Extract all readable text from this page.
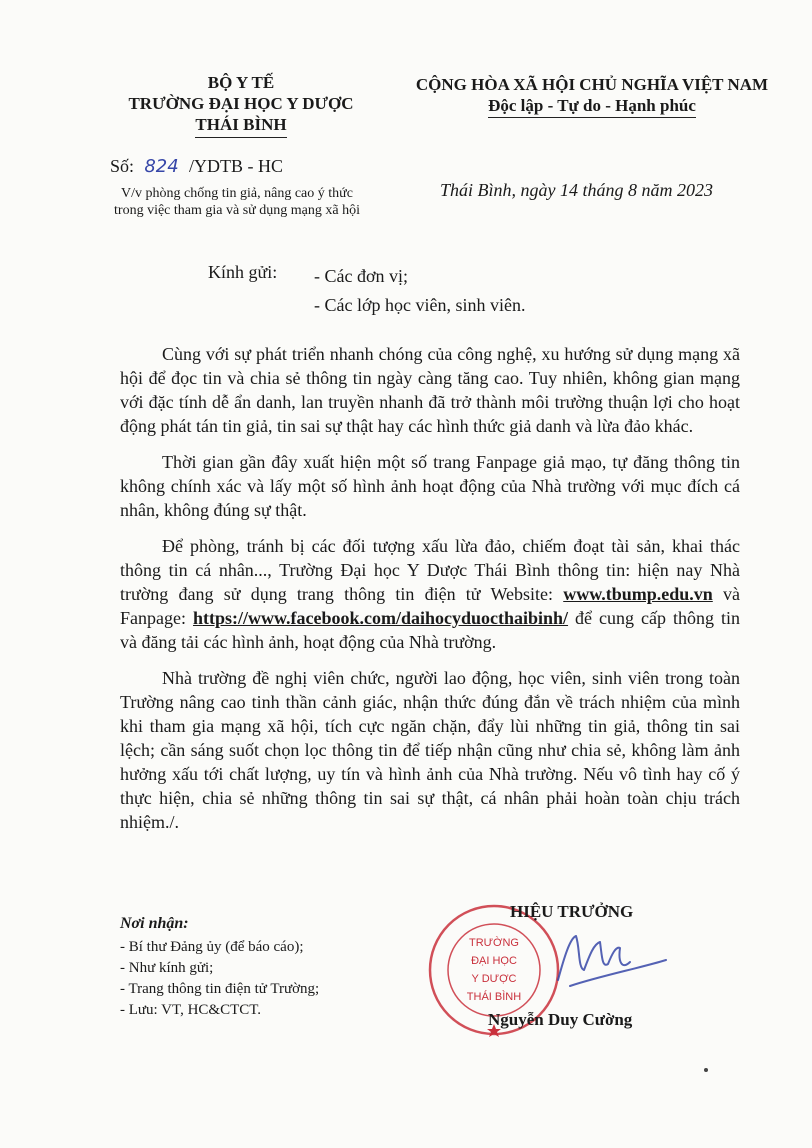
BỘ Y TẾ
TRƯỜNG ĐẠI HỌC Y DƯỢC
THÁI BÌNH
CỘNG HÒA XÃ HỘI CHỦ NGHĨA VIỆT NAM
Độc lập - Tự do - Hạnh phúc
Số: 824 /YDTB - HC
V/v phòng chống tin giả, nâng cao ý thức
trong việc tham gia và sử dụng mạng xã hội
Thái Bình, ngày 14 tháng 8 năm 2023
Kính gửi: - Các đơn vị;
- Các lớp học viên, sinh viên.

Cùng với sự phát triển nhanh chóng của công nghệ, xu hướng sử dụng mạng xã hội để đọc tin và chia sẻ thông tin ngày càng tăng cao. Tuy nhiên, không gian mạng với đặc tính dễ ẩn danh, lan truyền nhanh đã trở thành môi trường thuận lợi cho hoạt động phát tán tin giả, tin sai sự thật hay các hình thức giả danh và lừa đảo khác.

Thời gian gần đây xuất hiện một số trang Fanpage giả mạo, tự đăng thông tin không chính xác và lấy một số hình ảnh hoạt động của Nhà trường với mục đích cá nhân, không đúng sự thật.

Để phòng, tránh bị các đối tượng xấu lừa đảo, chiếm đoạt tài sản, khai thác thông tin cá nhân..., Trường Đại học Y Dược Thái Bình thông tin: hiện nay Nhà trường đang sử dụng trang thông tin điện tử Website: www.tbump.edu.vn và Fanpage: https://www.facebook.com/daihocyduocthaibinh/ để cung cấp thông tin và đăng tải các hình ảnh, hoạt động của Nhà trường.

Nhà trường đề nghị viên chức, người lao động, học viên, sinh viên trong toàn Trường nâng cao tinh thần cảnh giác, nhận thức đúng đắn về trách nhiệm của mình khi tham gia mạng xã hội, tích cực ngăn chặn, đẩy lùi những tin giả, thông tin sai lệch; cần sáng suốt chọn lọc thông tin để tiếp nhận cũng như chia sẻ, không làm ảnh hưởng xấu tới chất lượng, uy tín và hình ảnh của Nhà trường. Nếu vô tình hay cố ý thực hiện, chia sẻ những thông tin sai sự thật, cá nhân phải hoàn toàn chịu trách nhiệm./.

Nơi nhận:
- Bí thư Đảng ủy (để báo cáo);
- Như kính gửi;
- Trang thông tin điện tử Trường;
- Lưu: VT, HC&CTCT.
TRƯỜNG
ĐẠI HỌC
Y DƯỢC
THÁI BÌNH
HIỆU TRƯỞNG
Nguyễn Duy Cường
